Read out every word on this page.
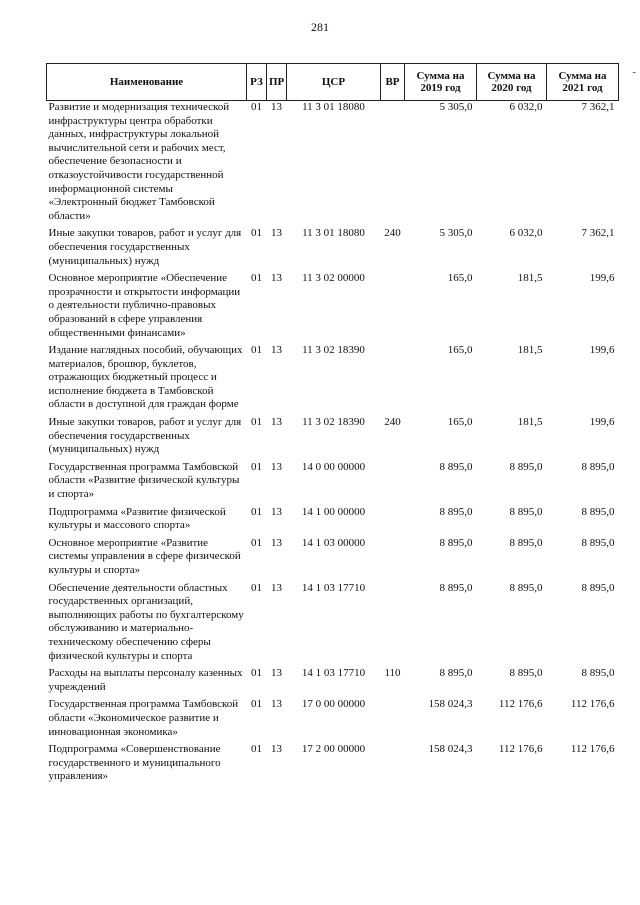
281
-
Наименование	РЗ	ПР	ЦСР	ВР	Сумма на 2019 год	Сумма на 2020 год	Сумма на 2021 год
Развитие и модернизация технической инфраструктуры центра обработки данных, инфраструктуры локальной вычислительной сети и рабочих мест, обеспечение безопасности и отказоустойчивости государственной информационной системы «Электронный бюджет Тамбовской области»	01	13	11 3 01 18080		5 305,0	6 032,0	7 362,1
Иные закупки товаров, работ и услуг для обеспечения государственных (муниципальных) нужд	01	13	11 3 01 18080	240	5 305,0	6 032,0	7 362,1
Основное мероприятие «Обеспечение прозрачности и открытости информации о деятельности публично-правовых образований в сфере управления общественными финансами»	01	13	11 3 02 00000		165,0	181,5	199,6
Издание наглядных пособий, обучающих материалов, брошюр, буклетов, отражающих бюджетный процесс и исполнение бюджета в Тамбовской области в доступной для граждан форме	01	13	11 3 02 18390		165,0	181,5	199,6
Иные закупки товаров, работ и услуг для обеспечения государственных (муниципальных) нужд	01	13	11 3 02 18390	240	165,0	181,5	199,6
Государственная программа Тамбовской области «Развитие физической культуры и спорта»	01	13	14 0 00 00000		8 895,0	8 895,0	8 895,0
Подпрограмма «Развитие физической культуры и массового спорта»	01	13	14 1 00 00000		8 895,0	8 895,0	8 895,0
Основное мероприятие «Развитие системы управления в сфере физической культуры и спорта»	01	13	14 1 03 00000		8 895,0	8 895,0	8 895,0
Обеспечение деятельности областных государственных организаций, выполняющих работы по бухгалтерскому обслуживанию и материально-техническому обеспечению сферы физической культуры и спорта	01	13	14 1 03 17710		8 895,0	8 895,0	8 895,0
Расходы на выплаты персоналу казенных учреждений	01	13	14 1 03 17710	110	8 895,0	8 895,0	8 895,0
Государственная программа Тамбовской области «Экономическое развитие и инновационная экономика»	01	13	17 0 00 00000		158 024,3	112 176,6	112 176,6
Подпрограмма «Совершенствование государственного и муниципального управления»	01	13	17 2 00 00000		158 024,3	112 176,6	112 176,6
